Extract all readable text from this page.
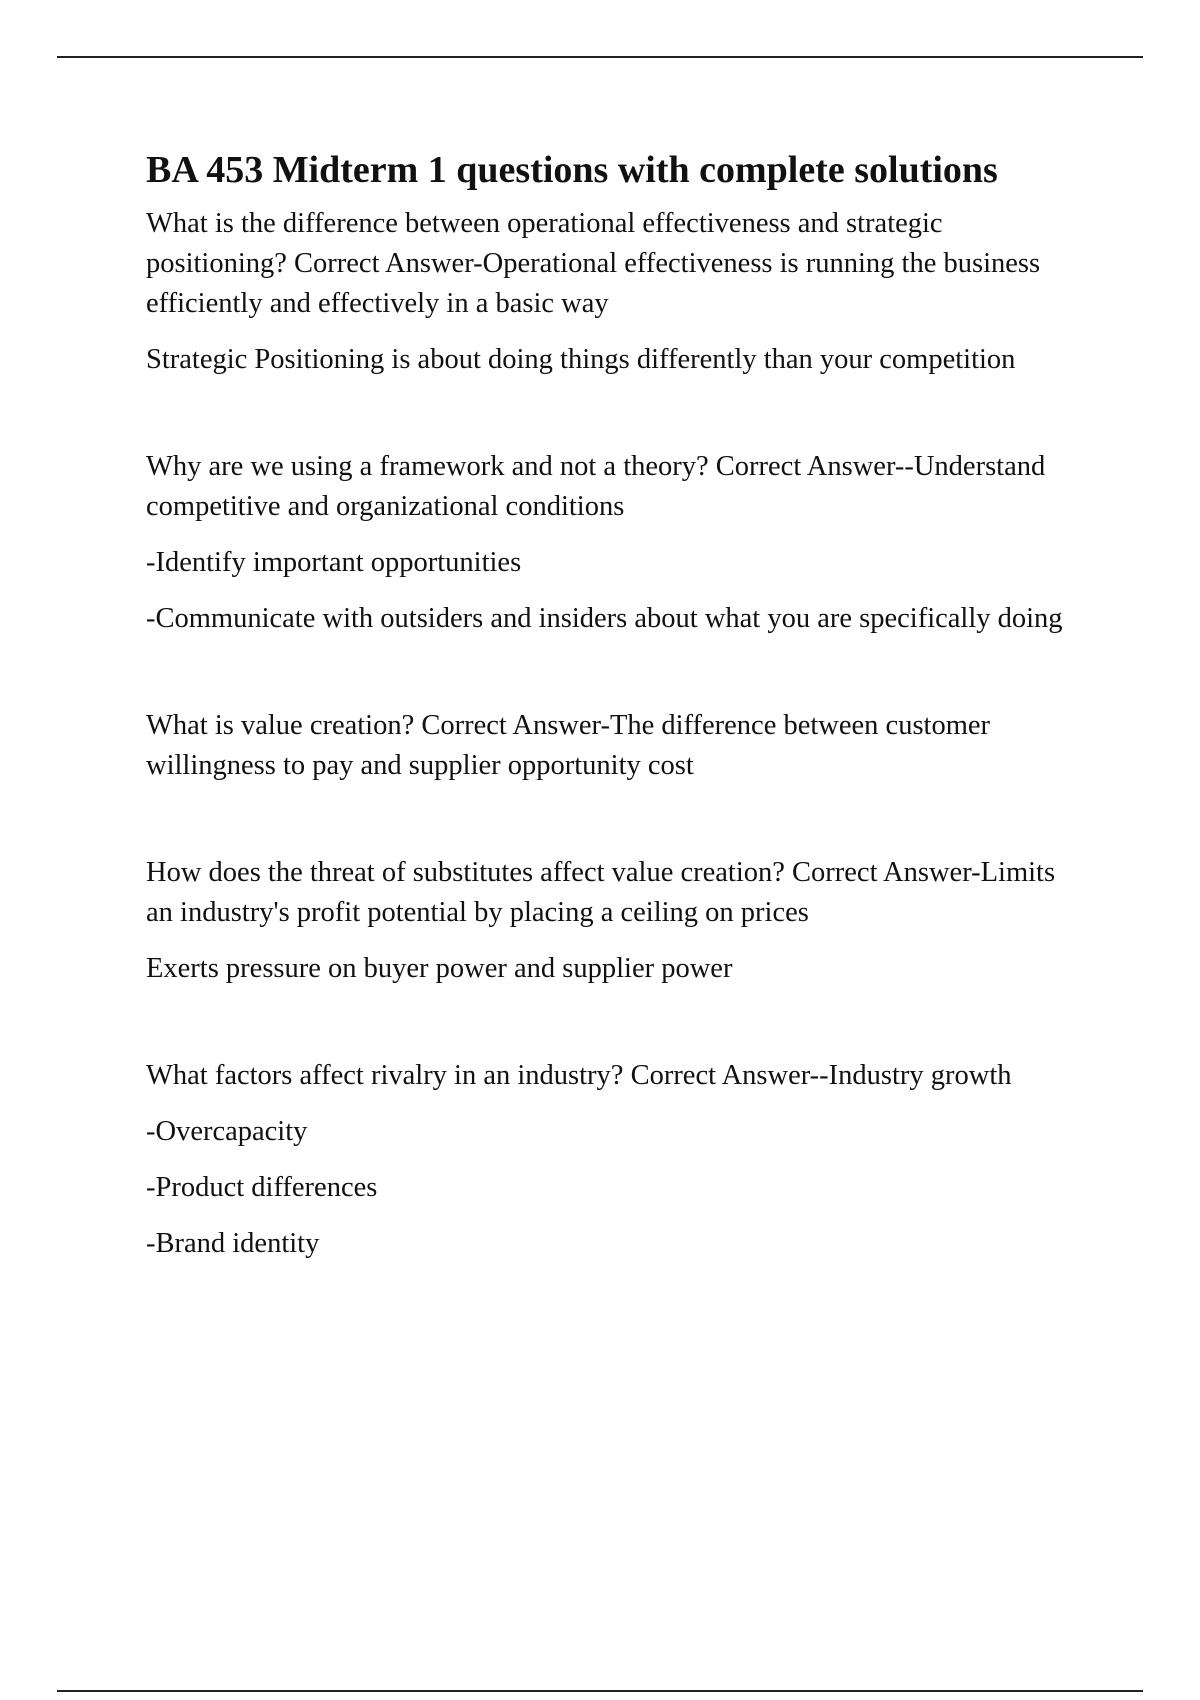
BA 453 Midterm 1 questions with complete solutions

What is the difference between operational effectiveness and strategic positioning? Correct Answer-Operational effectiveness is running the business efficiently and effectively in a basic way

Strategic Positioning is about doing things differently than your competition

Why are we using a framework and not a theory? Correct Answer--Understand competitive and organizational conditions

-Identify important opportunities

-Communicate with outsiders and insiders about what you are specifically doing

What is value creation? Correct Answer-The difference between customer willingness to pay and supplier opportunity cost

How does the threat of substitutes affect value creation? Correct Answer-Limits an industry's profit potential by placing a ceiling on prices

Exerts pressure on buyer power and supplier power

What factors affect rivalry in an industry? Correct Answer--Industry growth

-Overcapacity

-Product differences

-Brand identity
